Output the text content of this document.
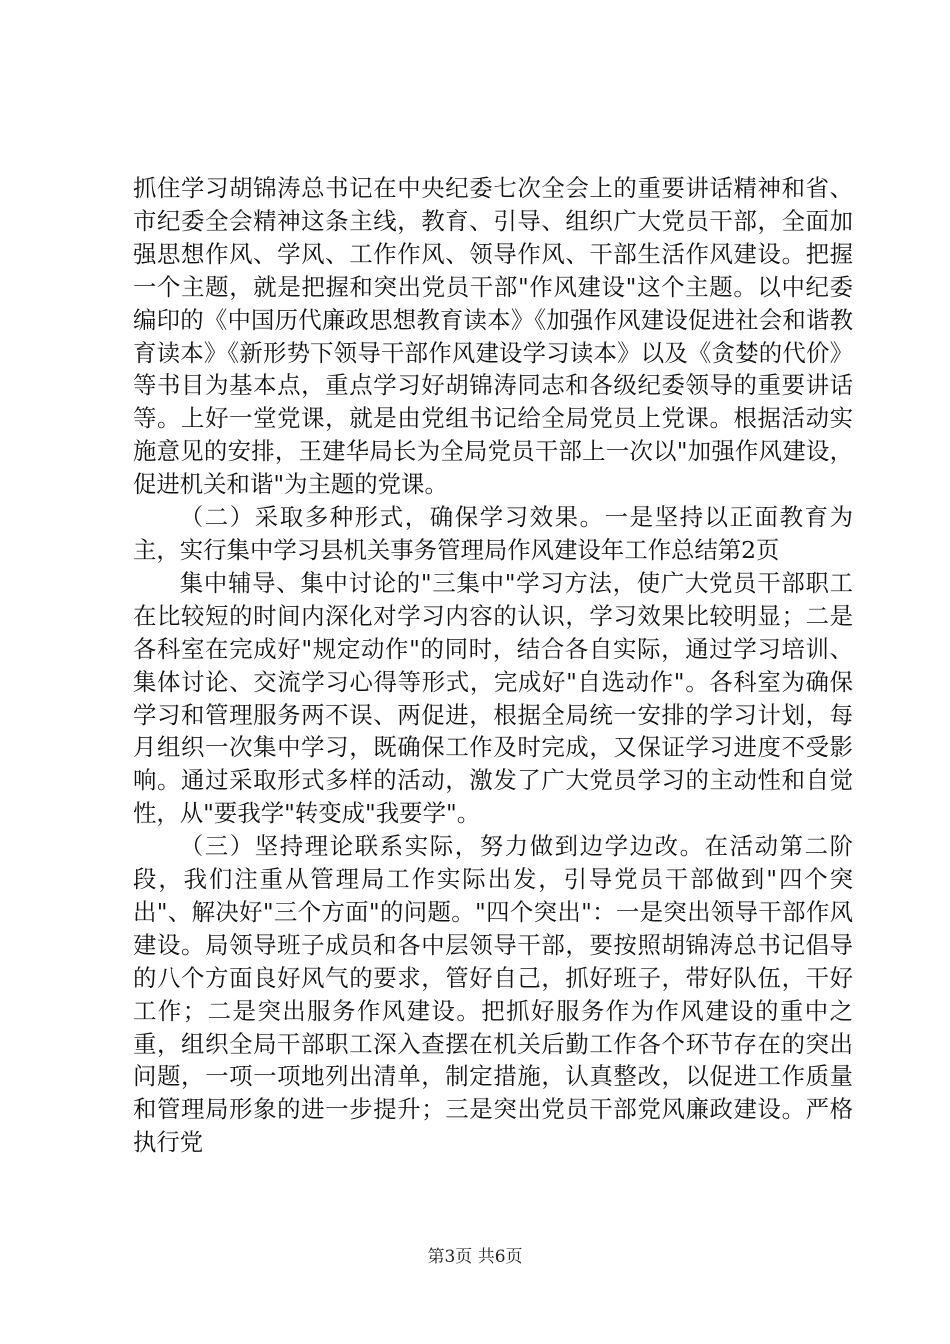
抓住学习胡锦涛总书记在中央纪委七次全会上的重要讲话精神和省、市纪委全会精神这条主线，教育、引导、组织广大党员干部，全面加强思想作风、学风、工作作风、领导作风、干部生活作风建设。把握一个主题，就是把握和突出党员干部"作风建设"这个主题。以中纪委编印的《中国历代廉政思想教育读本》《加强作风建设促进社会和谐教育读本》《新形势下领导干部作风建设学习读本》以及《贪婪的代价》等书目为基本点，重点学习好胡锦涛同志和各级纪委领导的重要讲话等。上好一堂党课，就是由党组书记给全局党员上党课。根据活动实施意见的安排，王建华局长为全局党员干部上一次以"加强作风建设，促进机关和谐"为主题的党课。

（二）采取多种形式，确保学习效果。一是坚持以正面教育为主，实行集中学习县机关事务管理局作风建设年工作总结第2页

集中辅导、集中讨论的"三集中"学习方法，使广大党员干部职工在比较短的时间内深化对学习内容的认识，学习效果比较明显；二是各科室在完成好"规定动作"的同时，结合各自实际，通过学习培训、集体讨论、交流学习心得等形式，完成好"自选动作"。各科室为确保学习和管理服务两不误、两促进，根据全局统一安排的学习计划，每月组织一次集中学习，既确保工作及时完成，又保证学习进度不受影响。通过采取形式多样的活动，激发了广大党员学习的主动性和自觉性，从"要我学"转变成"我要学"。

（三）坚持理论联系实际，努力做到边学边改。在活动第二阶段，我们注重从管理局工作实际出发，引导党员干部做到"四个突出"、解决好"三个方面"的问题。"四个突出"：一是突出领导干部作风建设。局领导班子成员和各中层领导干部，要按照胡锦涛总书记倡导的八个方面良好风气的要求，管好自己，抓好班子，带好队伍，干好工作；二是突出服务作风建设。把抓好服务作为作风建设的重中之重，组织全局干部职工深入查摆在机关后勤工作各个环节存在的突出问题，一项一项地列出清单，制定措施，认真整改，以促进工作质量和管理局形象的进一步提升；三是突出党员干部党风廉政建设。严格执行党

第3页 共6页
